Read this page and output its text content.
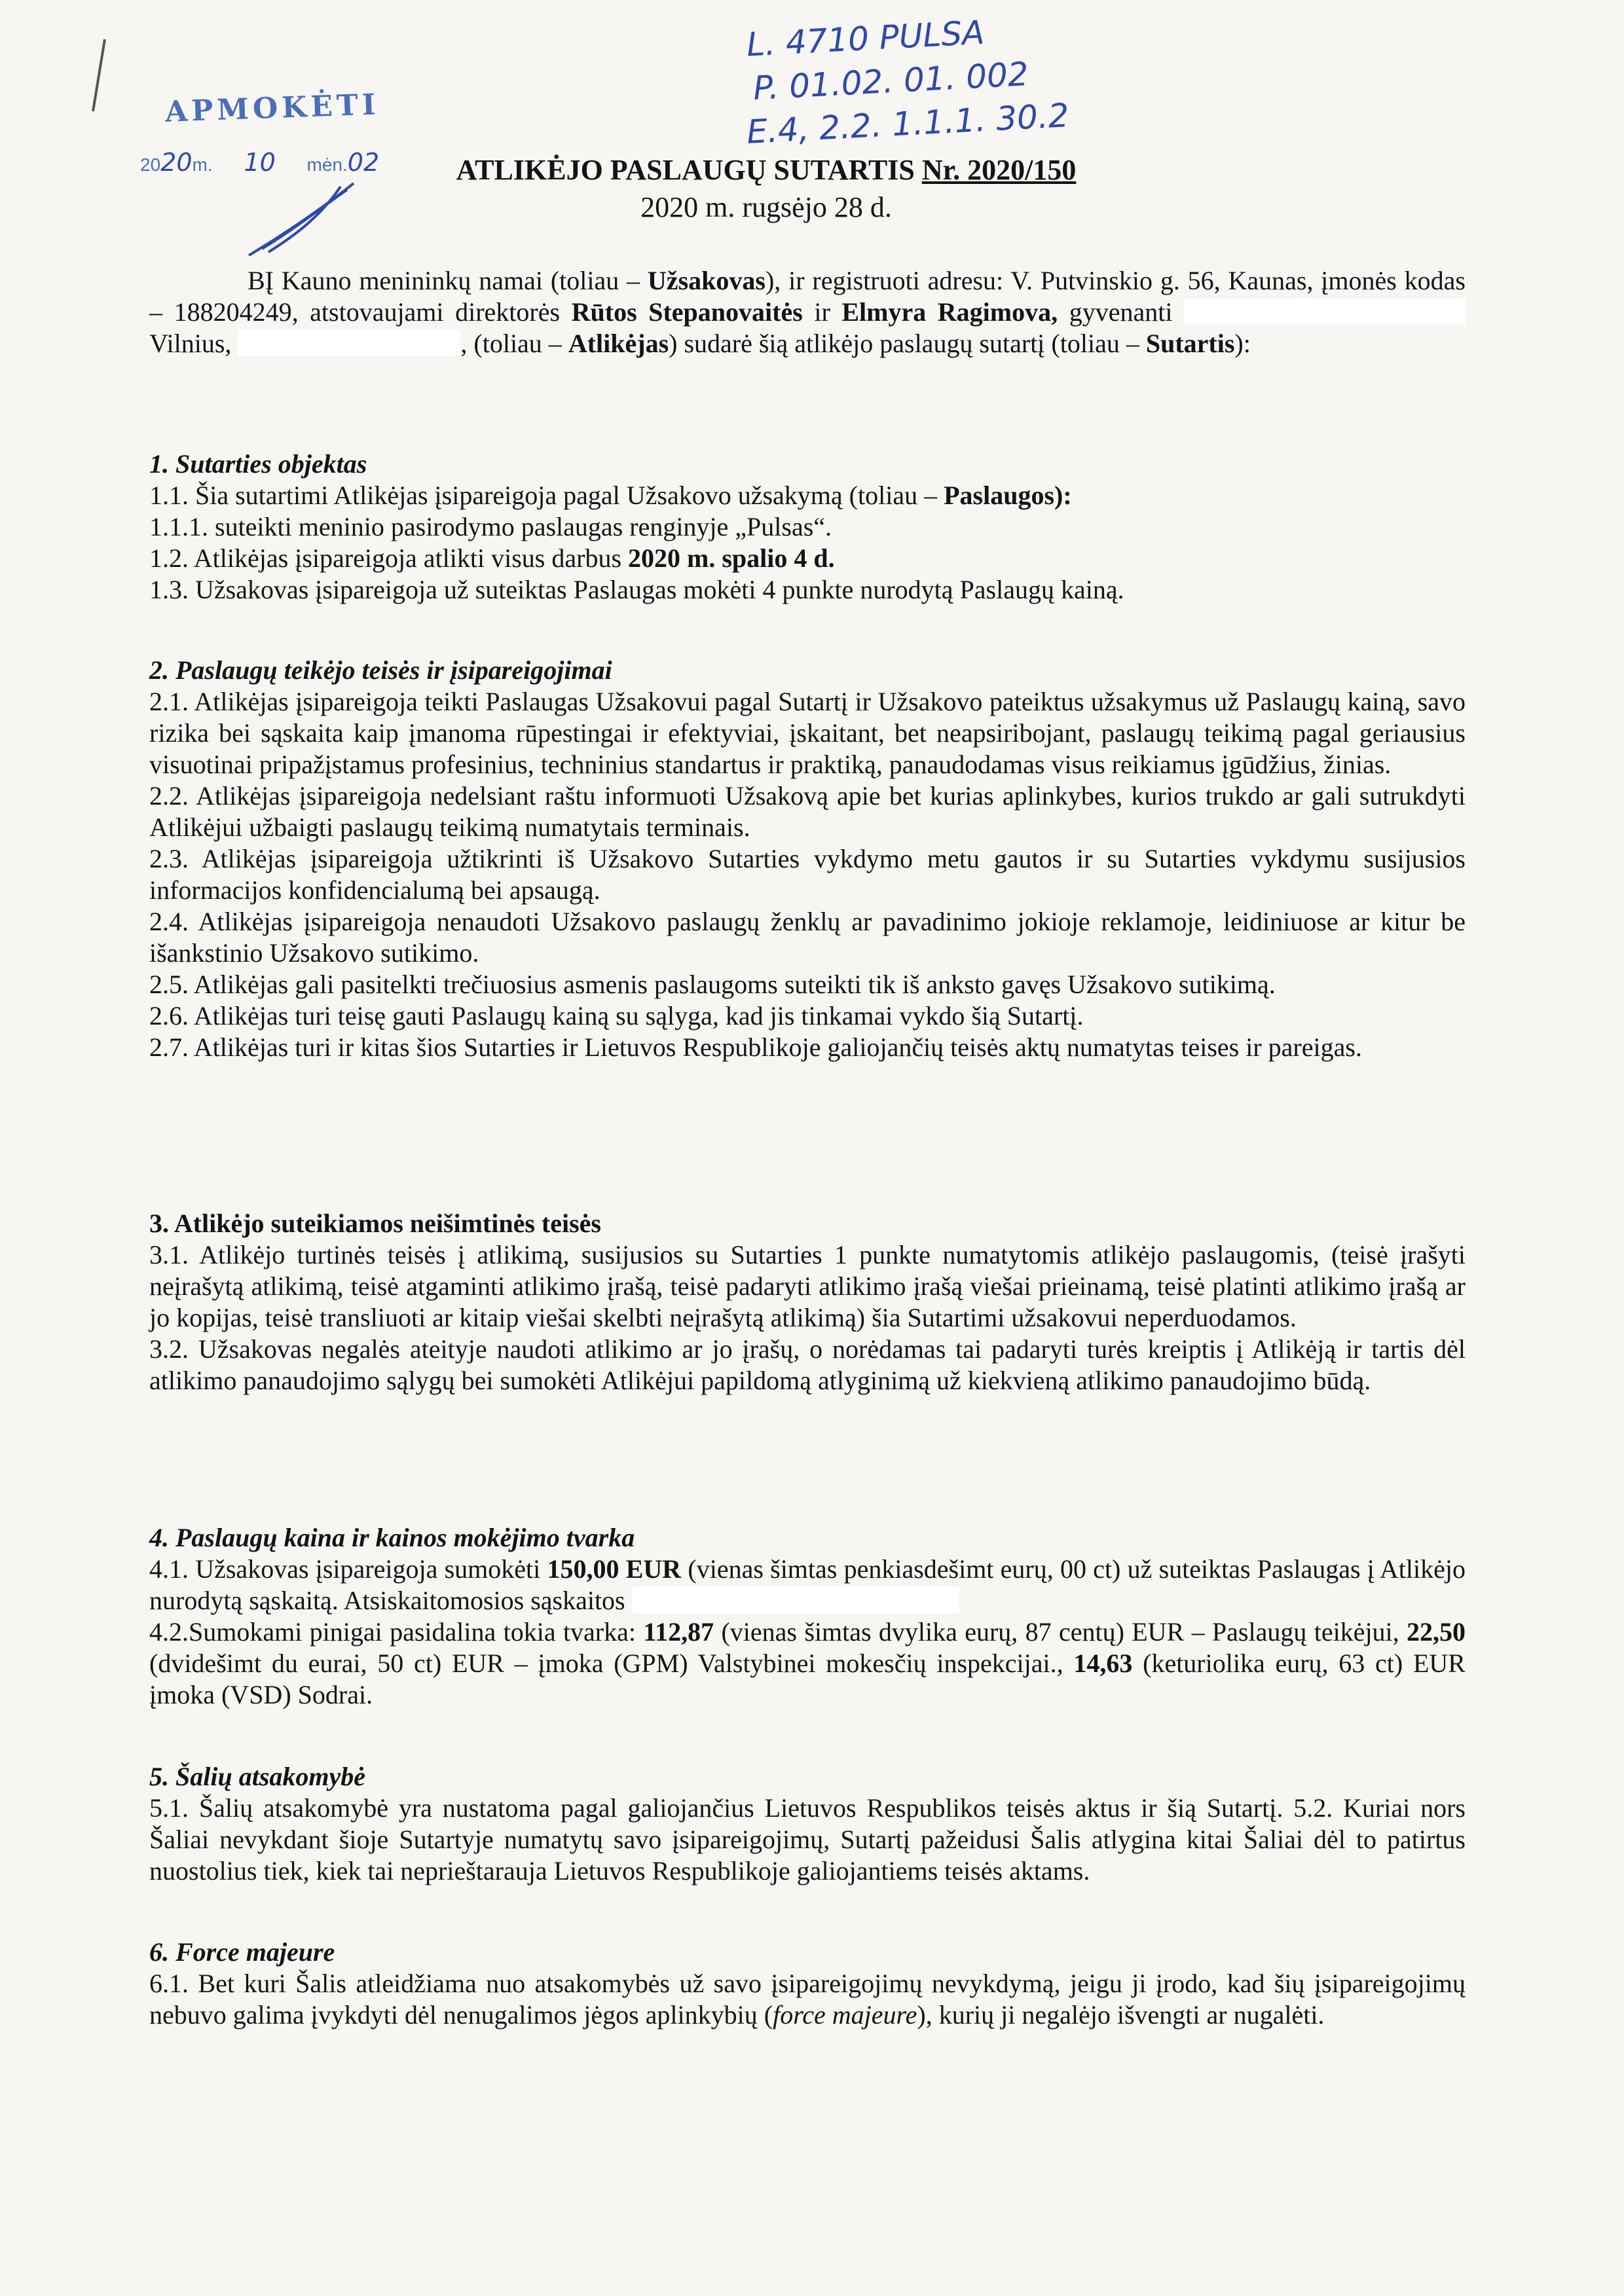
APMOKĖTI
2020m. 10 mėn.02
L. 4710 PULSA
P. 01.02. 01. 002
E.4, 2.2. 1.1.1. 30.2
ATLIKĖJO PASLAUGŲ SUTARTIS Nr. 2020/150
2020 m. rugsėjo 28 d.

BĮ Kauno menininkų namai (toliau – Užsakovas), ir registruoti adresu: V. Putvinskio g. 56, Kaunas, įmonės kodas – 188204249, atstovaujami direktorės Rūtos Stepanovaitės ir Elmyra Ragimova, gyvenanti  Vilnius,	, (toliau – Atlikėjas) sudarė šią atlikėjo paslaugų sutartį (toliau – Sutartis):

1. Sutarties objektas

1.1. Šia sutartimi Atlikėjas įsipareigoja pagal Užsakovo užsakymą (toliau – Paslaugos):

1.1.1. suteikti meninio pasirodymo paslaugas renginyje „Pulsas“.

1.2. Atlikėjas įsipareigoja atlikti visus darbus 2020 m. spalio 4 d.

1.3. Užsakovas įsipareigoja už suteiktas Paslaugas mokėti 4 punkte nurodytą Paslaugų kainą.

2. Paslaugų teikėjo teisės ir įsipareigojimai

2.1. Atlikėjas įsipareigoja teikti Paslaugas Užsakovui pagal Sutartį ir Užsakovo pateiktus užsakymus už Paslaugų kainą, savo rizika bei sąskaita kaip įmanoma rūpestingai ir efektyviai, įskaitant, bet neapsiribojant, paslaugų teikimą pagal geriausius visuotinai pripažįstamus profesinius, techninius standartus ir praktiką, panaudodamas visus reikiamus įgūdžius, žinias.

2.2. Atlikėjas įsipareigoja nedelsiant raštu informuoti Užsakovą apie bet kurias aplinkybes, kurios trukdo ar gali sutrukdyti Atlikėjui užbaigti paslaugų teikimą numatytais terminais.

2.3. Atlikėjas įsipareigoja užtikrinti iš Užsakovo Sutarties vykdymo metu gautos ir su Sutarties vykdymu susijusios informacijos konfidencialumą bei apsaugą.

2.4. Atlikėjas įsipareigoja nenaudoti Užsakovo paslaugų ženklų ar pavadinimo jokioje reklamoje, leidiniuose ar kitur be išankstinio Užsakovo sutikimo.

2.5. Atlikėjas gali pasitelkti trečiuosius asmenis paslaugoms suteikti tik iš anksto gavęs Užsakovo sutikimą.

2.6. Atlikėjas turi teisę gauti Paslaugų kainą su sąlyga, kad jis tinkamai vykdo šią Sutartį.

2.7. Atlikėjas turi ir kitas šios Sutarties ir Lietuvos Respublikoje galiojančių teisės aktų numatytas teises ir pareigas.

3. Atlikėjo suteikiamos neišimtinės teisės

3.1. Atlikėjo turtinės teisės į atlikimą, susijusios su Sutarties 1 punkte numatytomis atlikėjo paslaugomis, (teisė įrašyti neįrašytą atlikimą, teisė atgaminti atlikimo įrašą, teisė padaryti atlikimo įrašą viešai prieinamą, teisė platinti atlikimo įrašą ar jo kopijas, teisė transliuoti ar kitaip viešai skelbti neįrašytą atlikimą) šia Sutartimi užsakovui neperduodamos.

3.2. Užsakovas negalės ateityje naudoti atlikimo ar jo įrašų, o norėdamas tai padaryti turės kreiptis į Atlikėją ir tartis dėl atlikimo panaudojimo sąlygų bei sumokėti Atlikėjui papildomą atlyginimą už kiekvieną atlikimo panaudojimo būdą.

4. Paslaugų kaina ir kainos mokėjimo tvarka

4.1. Užsakovas įsipareigoja sumokėti 150,00 EUR (vienas šimtas penkiasdešimt eurų, 00 ct) už suteiktas Paslaugas į Atlikėjo nurodytą sąskaitą. Atsiskaitomosios sąskaitos

4.2.Sumokami pinigai pasidalina tokia tvarka: 112,87 (vienas šimtas dvylika eurų, 87 centų) EUR – Paslaugų teikėjui, 22,50 (dvidešimt du eurai, 50 ct) EUR – įmoka (GPM) Valstybinei mokesčių inspekcijai., 14,63 (keturiolika eurų, 63 ct) EUR įmoka (VSD) Sodrai.

5. Šalių atsakomybė

5.1. Šalių atsakomybė yra nustatoma pagal galiojančius Lietuvos Respublikos teisės aktus ir šią Sutartį. 5.2. Kuriai nors Šaliai nevykdant šioje Sutartyje numatytų savo įsipareigojimų, Sutartį pažeidusi Šalis atlygina kitai Šaliai dėl to patirtus nuostolius tiek, kiek tai neprieštarauja Lietuvos Respublikoje galiojantiems teisės aktams.

6. Force majeure

6.1. Bet kuri Šalis atleidžiama nuo atsakomybės už savo įsipareigojimų nevykdymą, jeigu ji įrodo, kad šių įsipareigojimų nebuvo galima įvykdyti dėl nenugalimos jėgos aplinkybių (force majeure), kurių ji negalėjo išvengti ar nugalėti.
